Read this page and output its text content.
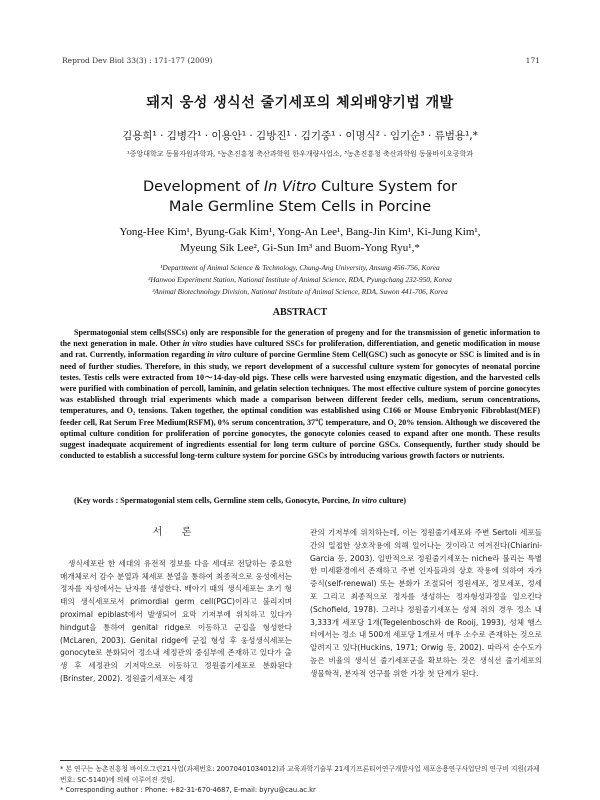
Reprod Dev Biol 33(3) : 171-177 (2009)	171
돼지 웅성 생식선 줄기세포의 체외배양기법 개발
김용희¹ · 김병각¹ · 이용안¹ · 김방진¹ · 김기중¹ · 이명식² · 임기순³ · 류범용¹,*
¹중앙대학교 동물자원과학과, ²농촌진흥청 축산과학원 한우개량사업소, ³농촌진흥청 축산과학원 동물바이오공학과
Development of In Vitro Culture System for
Male Germline Stem Cells in Porcine
Yong-Hee Kim¹, Byung-Gak Kim¹, Yong-An Lee¹, Bang-Jin Kim¹, Ki-Jung Kim¹,
Myeung Sik Lee², Gi-Sun Im³ and Buom-Yong Ryu¹,*
¹Department of Animal Science & Technology, Chung-Ang University, Ansung 456-756, Korea
²Hanwoo Experiment Station, National Institute of Animal Science, RDA, Pyungchang 232-950, Korea
³Animal Biotechnology Division, National Institute of Animal Science, RDA, Suwon 441-706, Korea
ABSTRACT
Spermatogonial stem cells(SSCs) only are responsible for the generation of progeny and for the transmission of genetic information to the next generation in male. Other in vitro studies have cultured SSCs for proliferation, differentiation, and genetic modification in mouse and rat. Currently, information regarding in vitro culture of porcine Germline Stem Cell(GSC) such as gonocyte or SSC is limited and is in need of further studies. Therefore, in this study, we report development of a successful culture system for gonocytes of neonatal porcine testes. Testis cells were extracted from 10～14-day-old pigs. These cells were harvested using enzymatic digestion, and the harvested cells were purified with combination of percoll, laminin, and gelatin selection techniques. The most effective culture system of porcine gonocytes was established through trial experiments which made a comparison between different feeder cells, medium, serum concentrations, temperatures, and O₂ tensions. Taken together, the optimal condition was established using C166 or Mouse Embryonic Fibroblast(MEF) feeder cell, Rat Serum Free Medium(RSFM), 0% serum concentration, 37℃ temperature, and O₂ 20% tension. Although we discovered the optimal culture condition for proliferation of porcine gonocytes, the gonocyte colonies ceased to expand after one month. These results suggest inadequate acquirement of ingredients essential for long term culture of porcine GSCs. Consequently, further study should be conducted to establish a successful long-term culture system for porcine GSCs by introducing various growth factors or nutrients.
(Key words : Spermatogonial stem cells, Germline stem cells, Gonocyte, Porcine, In vitro culture)
서 론

생식세포란 한 세대의 유전적 정보를 다음 세대로 전달하는 중요한 매개체로서 감수 분열과 체세포 분열을 통하여 최종적으로 웅성에서는 정자를 자성에서는 난자를 생성한다. 배아기 때의 생식세포는 초기 형태의 생식세포로서 primordial germ cell(PGC)이라고 불리지며 proximal epiblast에서 발생되어 요막 기저부에 위치하고 있다가 hindgut을 통하여 genital ridge로 이동하고 군집을 형성한다(McLaren, 2003). Genital ridge에 군집 형성 후 웅성생식세포는 gonocyte로 분화되어 정소내 세정관의 중심부에 존재하고 있다가 출생 후 세정관의 기저막으로 이동하고 정원줄기세포로 분화된다(Brinster, 2002). 정원줄기세포는 세정

관의 기저부에 위치하는데, 이는 정원줄기세포와 주변 Sertoli 세포들간의 밀접한 상호작용에 의해 일어나는 것이라고 여겨진다(Chiarini-Garcia 등, 2003). 일반적으로 정원줄기세포는 niche라 불리는 특별한 미세환경에서 존재하고 주변 인자들과의 상호 작용에 의하여 자가증식(self-renewal) 또는 분화가 조절되어 정원세포, 정모세포, 정세포 그리고 최종적으로 정자를 생성하는 정자형성과정을 일으킨다(Schofield, 1978). 그러나 정원줄기세포는 성체 쥐의 경우 정소 내 3,333개 세포당 1개(Tegelenbosch와 de Rooij, 1993), 성체 햄스터에서는 정소 내 500개 세포당 1개로서 매우 소수로 존재하는 것으로 알려지고 있다(Huckins, 1971; Orwig 등, 2002). 따라서 순수도가 높은 비율의 생식선 줄기세포군을 확보하는 것은 생식선 줄기세포의 생물학적, 분자적 연구를 위한 가장 첫 단계가 된다.

* 본 연구는 농촌진흥청 바이오그린21사업(과제번호: 20070401034012)과 교육과학기술부 21세기프론티어연구개발사업 세포응용연구사업단의 연구비 지원(과제번호: SC-5140)에 의해 이루어진 것임.
* Corresponding author : Phone: +82-31-670-4687, E-mail: byryu@cau.ac.kr
